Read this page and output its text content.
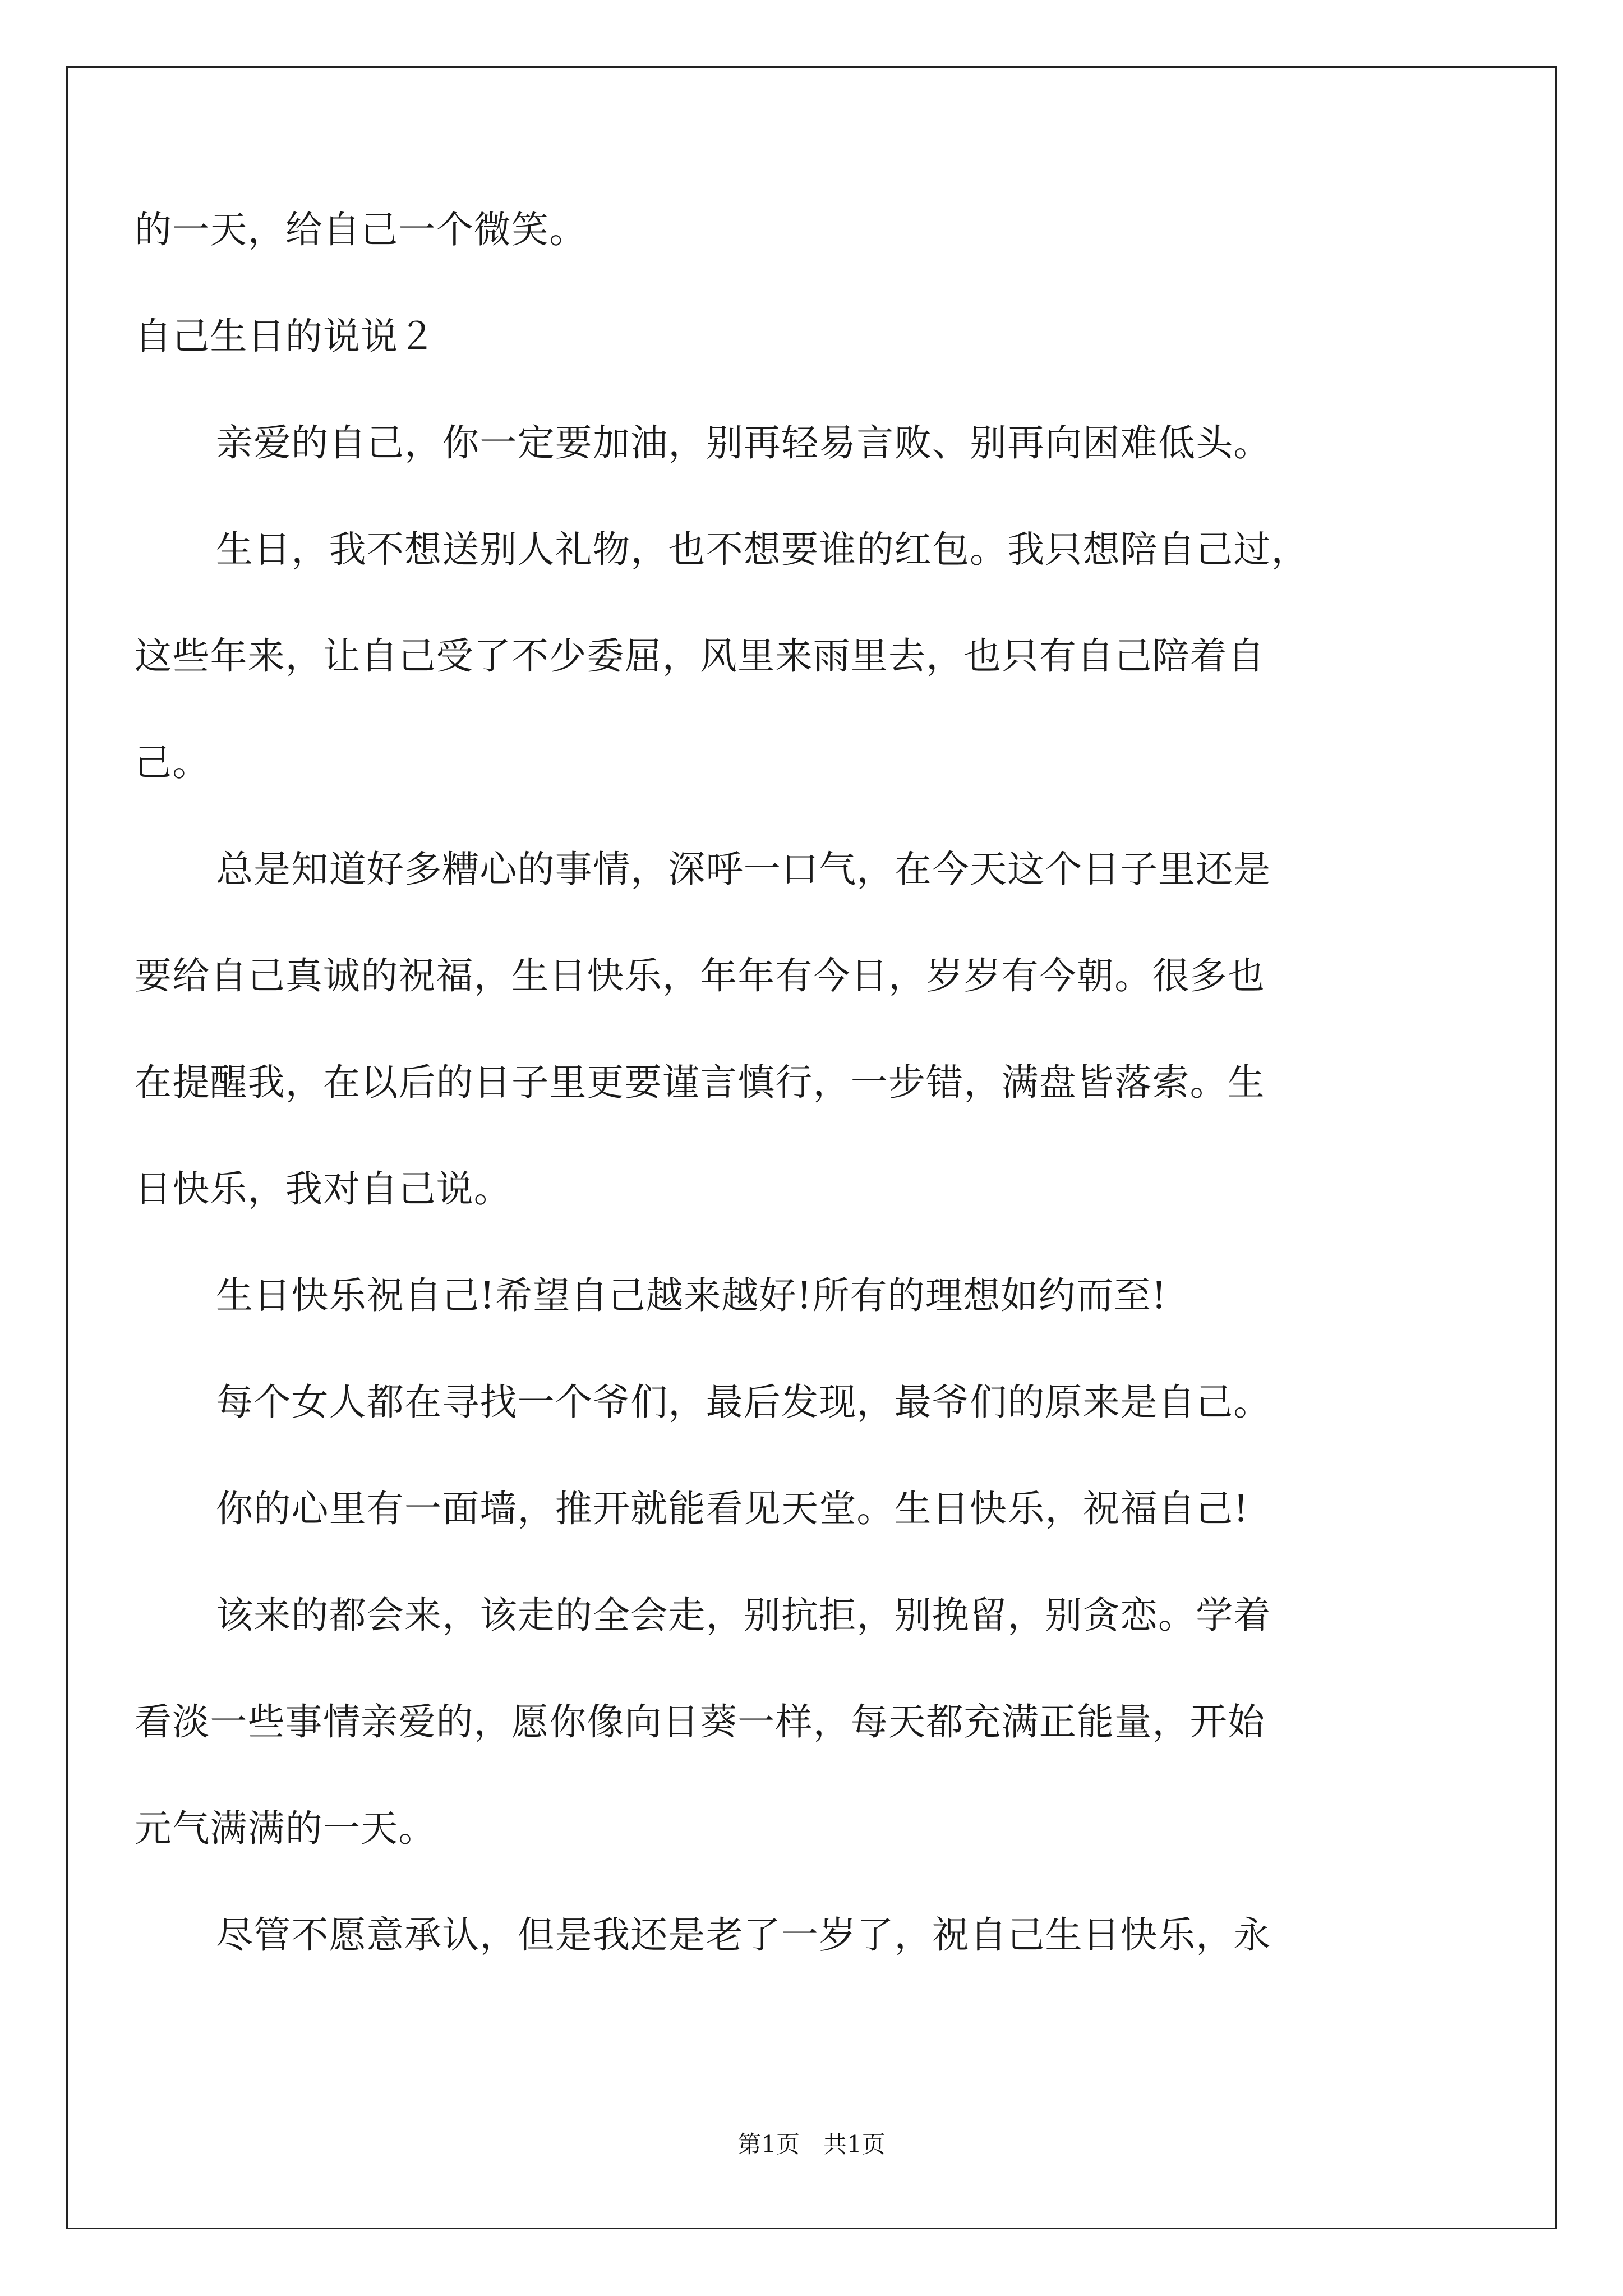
的一天，给自己一个微笑。
自己生日的说说２
亲爱的自己，你一定要加油，别再轻易言败、别再向困难低头。
生日，我不想送别人礼物，也不想要谁的红包。我只想陪自己过，
这些年来，让自己受了不少委屈，风里来雨里去，也只有自己陪着自
己。
总是知道好多糟心的事情，深呼一口气，在今天这个日子里还是
要给自己真诚的祝福，生日快乐，年年有今日，岁岁有今朝。很多也
在提醒我，在以后的日子里更要谨言慎行，一步错，满盘皆落索。生
日快乐，我对自己说。
生日快乐祝自己!希望自己越来越好!所有的理想如约而至!
每个女人都在寻找一个爷们，最后发现，最爷们的原来是自己。
你的心里有一面墙，推开就能看见天堂。生日快乐，祝福自己!
该来的都会来，该走的全会走，别抗拒，别挽留，别贪恋。学着
看淡一些事情亲爱的，愿你像向日葵一样，每天都充满正能量，开始
元气满满的一天。
尽管不愿意承认，但是我还是老了一岁了，祝自己生日快乐，永
第1页　共1页
